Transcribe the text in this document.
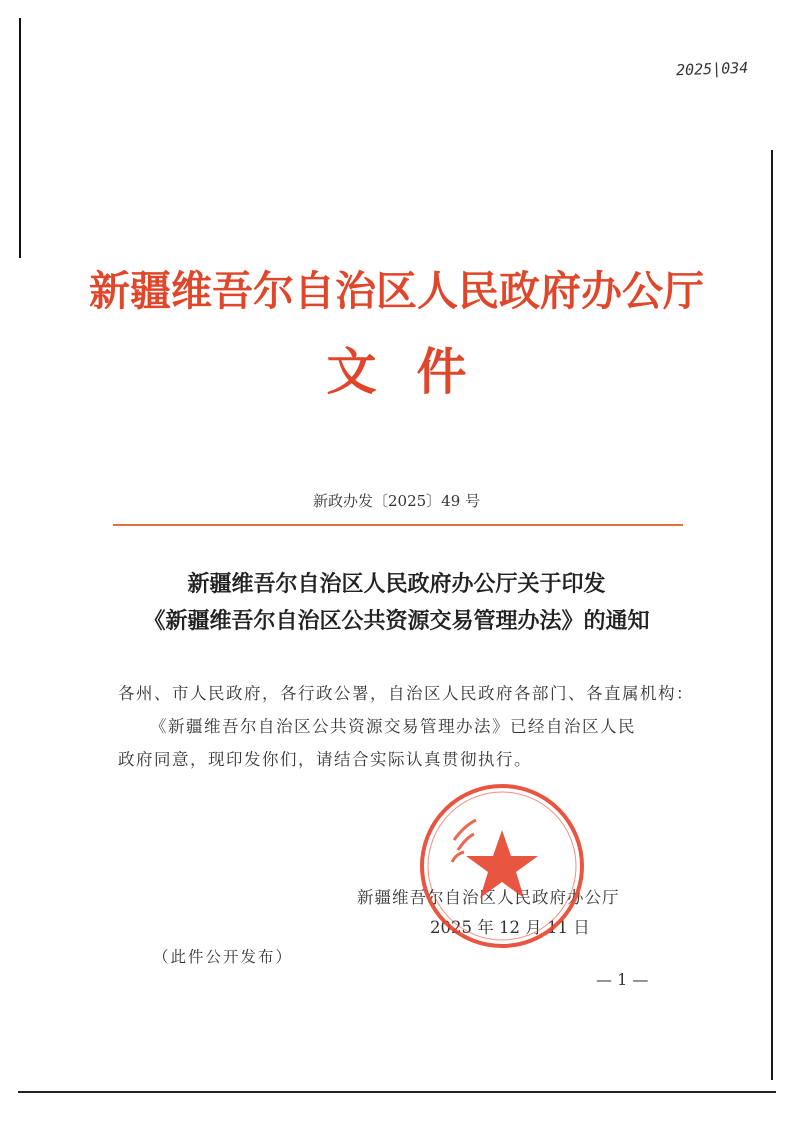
2025|034
新疆维吾尔自治区人民政府办公厅
文件
新政办发〔2025〕49 号
新疆维吾尔自治区人民政府办公厅关于印发
《新疆维吾尔自治区公共资源交易管理办法》的通知
各州、市人民政府，各行政公署，自治区人民政府各部门、各直属机构：
《新疆维吾尔自治区公共资源交易管理办法》已经自治区人民
政府同意，现印发你们，请结合实际认真贯彻执行。
新疆维吾尔自治区人民政府办公厅
2025 年 12 月 11 日
（此件公开发布）
— 1 —
